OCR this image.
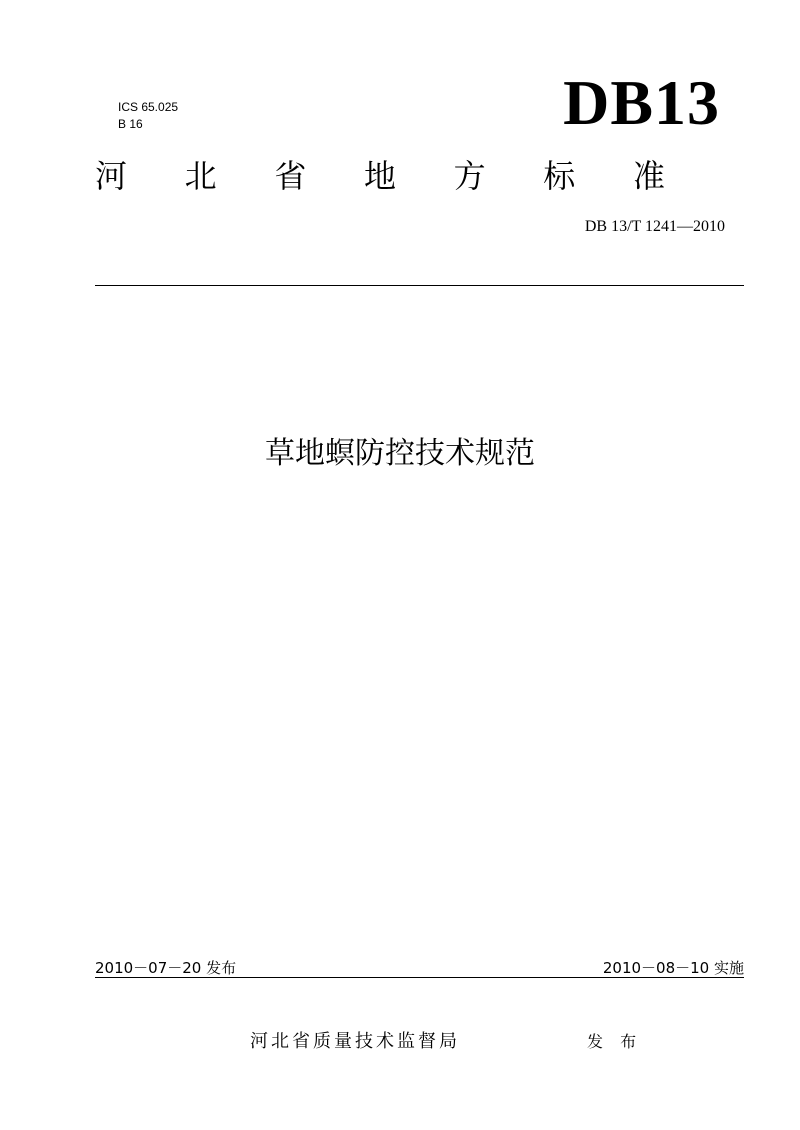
ICS 65.025
B 16	DB13
河 北 省 地 方 标 准
DB 13/T 1241—2010
草地螟防控技术规范
2010－07－20 发布	2010－08－10 实施
河北省质量技术监督局	发 布
